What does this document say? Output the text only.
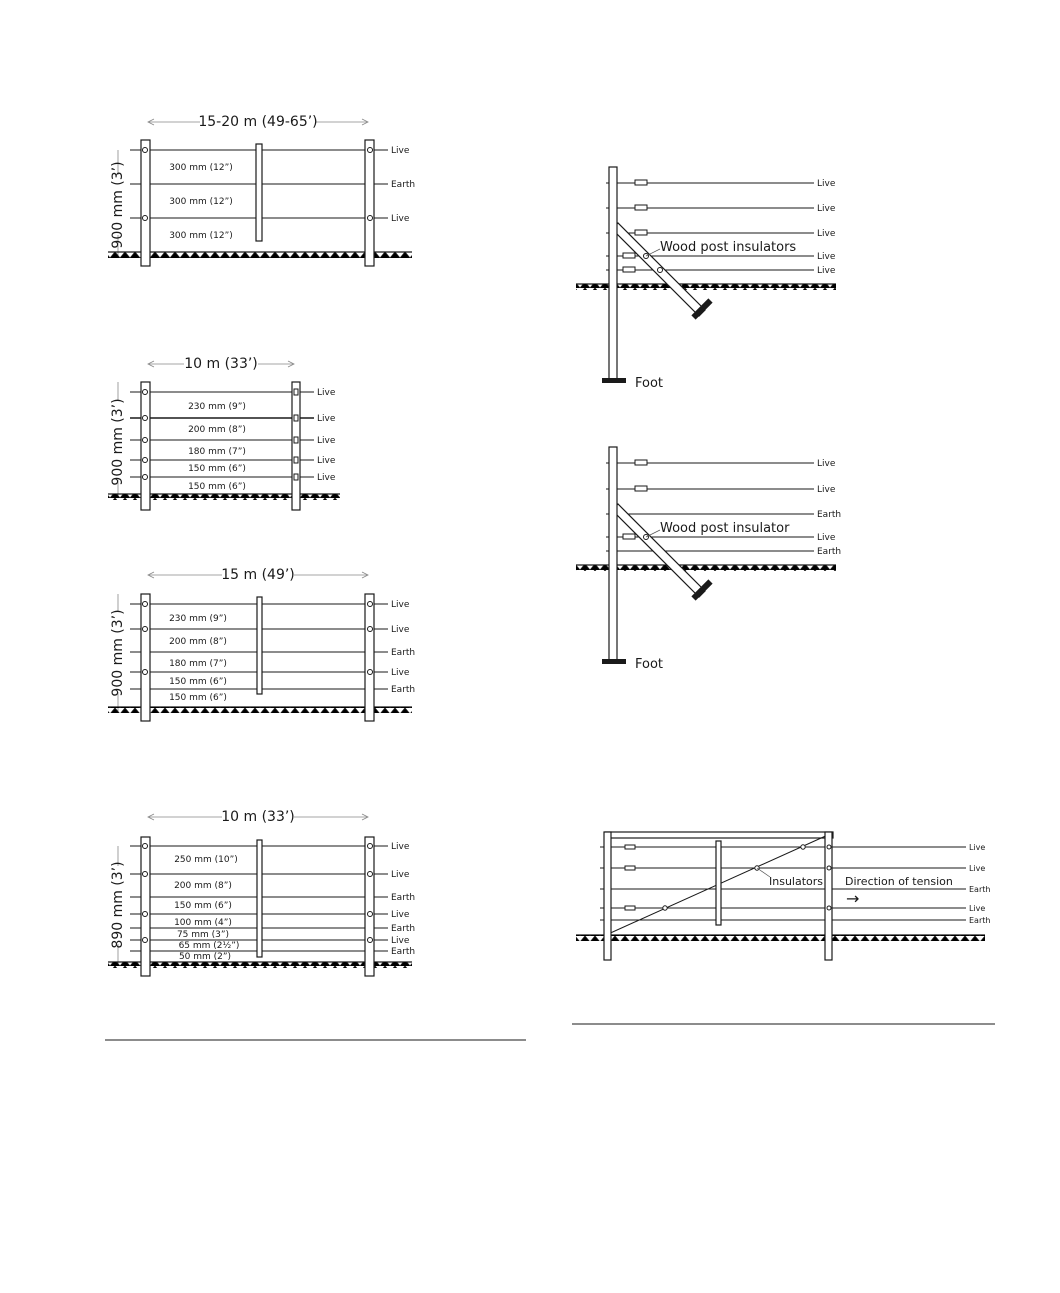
15-20 m (49-65’)
900 mm (3’)	300 mm (12”)
300 mm (12”)
300 mm (12”)
Live
Earth
Live
10 m (33’)
900 mm (3’)	230 mm (9”)
200 mm (8”)
180 mm (7”)
150 mm (6”)
150 mm (6”)
Live
Live
Live
Live
Live
15 m (49’)
900 mm (3’)	230 mm (9”)
200 mm (8”)
180 mm (7”)
150 mm (6”)
150 mm (6”)
Live
Live
Earth
Live
Earth
10 m (33’)
890 mm (3’)
250 mm (10”)
200 mm (8”)
150 mm (6”)
100 mm (4”)
75 mm (3”)
65 mm (2½”)
50 mm (2”)
Live
Live
Earth
Live
Earth
Live
Earth
Wood post insulators
Foot
Live
Live
Live
Live
Live
Wood post insulator
Foot
Live
Live
Earth
Live
Earth
Insulators Direction of tension
→
Live
Live
Earth
Live
Earth
